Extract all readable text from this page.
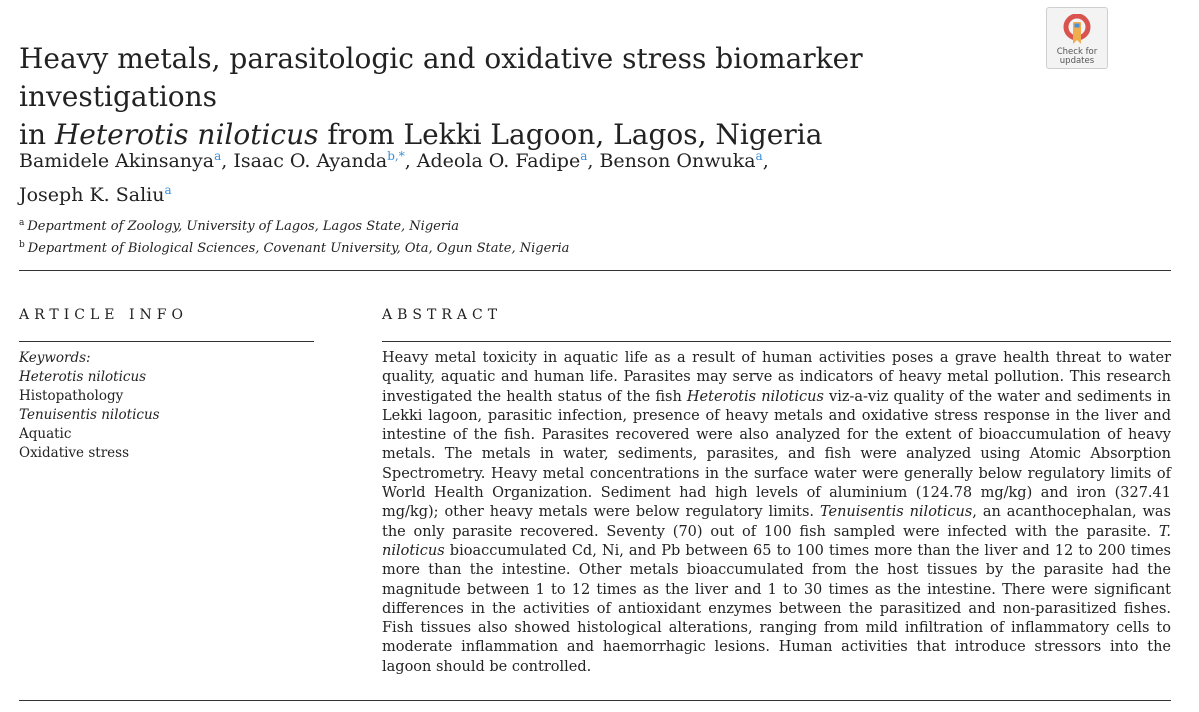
Heavy metals, parasitologic and oxidative stress biomarker investigations
in Heterotis niloticus from Lekki Lagoon, Lagos, Nigeria
Check for
updates
Bamidele Akinsanya$^a$, Isaac O. Ayanda$^{b,*}$, Adeola O. Fadipe$^a$, Benson Onwuka$^a$,
Joseph K. Saliu$^a$
$^a$ Department of Zoology, University of Lagos, Lagos State, Nigeria
$^b$ Department of Biological Sciences, Covenant University, Ota, Ogun State, Nigeria
ARTICLE INFO
Keywords:
Heterotis niloticus
Histopathology
Tenuisentis niloticus
Aquatic
Oxidative stress
ABSTRACT
Heavy metal toxicity in aquatic life as a result of human activities poses a grave health threat to water quality, aquatic and human life. Parasites may serve as indicators of heavy metal pollution. This research investigated the health status of the fish Heterotis niloticus viz-a-viz quality of the water and sediments in Lekki lagoon, parasitic infection, presence of heavy metals and oxidative stress response in the liver and intestine of the fish. Parasites recovered were also analyzed for the extent of bioaccumulation of heavy metals. The metals in water, sediments, parasites, and fish were analyzed using Atomic Absorption Spectrometry. Heavy metal concentrations in the surface water were generally below regulatory limits of World Health Organization. Sediment had high levels of aluminium (124.78 mg/kg) and iron (327.41 mg/kg); other heavy metals were below regulatory limits. Tenuisentis niloticus, an acanthocephalan, was the only parasite recovered. Seventy (70) out of 100 fish sampled were infected with the parasite. T. niloticus bioaccumulated Cd, Ni, and Pb between 65 to 100 times more than the liver and 12 to 200 times more than the intestine. Other metals bioaccumulated from the host tissues by the parasite had the magnitude between 1 to 12 times as the liver and 1 to 30 times as the intestine. There were significant differences in the activities of antioxidant enzymes between the parasitized and non-parasitized fishes. Fish tissues also showed histological alterations, ranging from mild infiltration of inflammatory cells to moderate inflammation and haemorrhagic lesions. Human activities that introduce stressors into the lagoon should be controlled.
